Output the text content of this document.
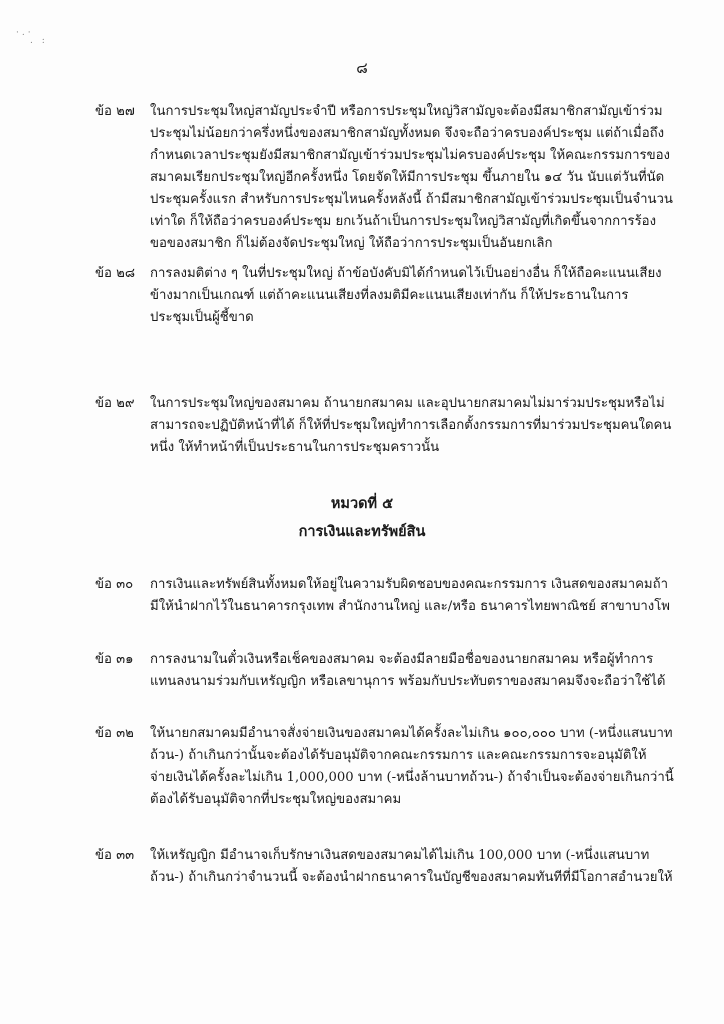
·.·
. :
๘
ข้อ ๒๗	ในการประชุมใหญ่สามัญประจำปี หรือการประชุมใหญ่วิสามัญจะต้องมีสมาชิกสามัญเข้าร่วม
ประชุมไม่น้อยกว่าครึ่งหนึ่งของสมาชิกสามัญทั้งหมด จึงจะถือว่าครบองค์ประชุม แต่ถ้าเมื่อถึง
กำหนดเวลาประชุมยังมีสมาชิกสามัญเข้าร่วมประชุมไม่ครบองค์ประชุม ให้คณะกรรมการของ
สมาคมเรียกประชุมใหญ่อีกครั้งหนึ่ง โดยจัดให้มีการประชุม ขึ้นภายใน ๑๔ วัน นับแต่วันที่นัด
ประชุมครั้งแรก สำหรับการประชุมไหนครั้งหลังนี้ ถ้ามีสมาชิกสามัญเข้าร่วมประชุมเป็นจำนวน
เท่าใด ก็ให้ถือว่าครบองค์ประชุม ยกเว้นถ้าเป็นการประชุมใหญ่วิสามัญที่เกิดขึ้นจากการร้อง
ขอของสมาชิก ก็ไม่ต้องจัดประชุมใหญ่ ให้ถือว่าการประชุมเป็นอันยกเลิก
ข้อ ๒๘	การลงมติต่าง ๆ ในที่ประชุมใหญ่ ถ้าข้อบังคับมิได้กำหนดไว้เป็นอย่างอื่น ก็ให้ถือคะแนนเสียง
ข้างมากเป็นเกณฑ์ แต่ถ้าคะแนนเสียงที่ลงมติมีคะแนนเสียงเท่ากัน ก็ให้ประธานในการ
ประชุมเป็นผู้ชี้ขาด
ข้อ ๒๙	ในการประชุมใหญ่ของสมาคม ถ้านายกสมาคม และอุปนายกสมาคมไม่มาร่วมประชุมหรือไม่
สามารถจะปฏิบัติหน้าที่ได้ ก็ให้ที่ประชุมใหญ่ทำการเลือกตั้งกรรมการที่มาร่วมประชุมคนใดคน
หนึ่ง ให้ทำหน้าที่เป็นประธานในการประชุมคราวนั้น
หมวดที่ ๕
การเงินและทรัพย์สิน
ข้อ ๓๐	การเงินและทรัพย์สินทั้งหมดให้อยู่ในความรับผิดชอบของคณะกรรมการ เงินสดของสมาคมถ้า
มีให้นำฝากไว้ในธนาคารกรุงเทพ สำนักงานใหญ่ และ/หรือ ธนาคารไทยพาณิชย์ สาขาบางโพ
ข้อ ๓๑	การลงนามในตั๋วเงินหรือเช็คของสมาคม จะต้องมีลายมือชื่อของนายกสมาคม หรือผู้ทำการ
แทนลงนามร่วมกับเหรัญญิก หรือเลขานุการ พร้อมกับประทับตราของสมาคมจึงจะถือว่าใช้ได้
ข้อ ๓๒	ให้นายกสมาคมมีอำนาจสั่งจ่ายเงินของสมาคมได้ครั้งละไม่เกิน ๑๐๐,๐๐๐ บาท (-หนึ่งแสนบาท
ถ้วน-) ถ้าเกินกว่านั้นจะต้องได้รับอนุมัติจากคณะกรรมการ และคณะกรรมการจะอนุมัติให้
จ่ายเงินได้ครั้งละไม่เกิน 1,000,000 บาท (-หนึ่งล้านบาทถ้วน-) ถ้าจำเป็นจะต้องจ่ายเกินกว่านี้
ต้องได้รับอนุมัติจากที่ประชุมใหญ่ของสมาคม
ข้อ ๓๓	ให้เหรัญญิก มีอำนาจเก็บรักษาเงินสดของสมาคมได้ไม่เกิน 100,000 บาท (-หนึ่งแสนบาท
ถ้วน-) ถ้าเกินกว่าจำนวนนี้ จะต้องนำฝากธนาคารในบัญชีของสมาคมทันทีที่มีโอกาสอำนวยให้
